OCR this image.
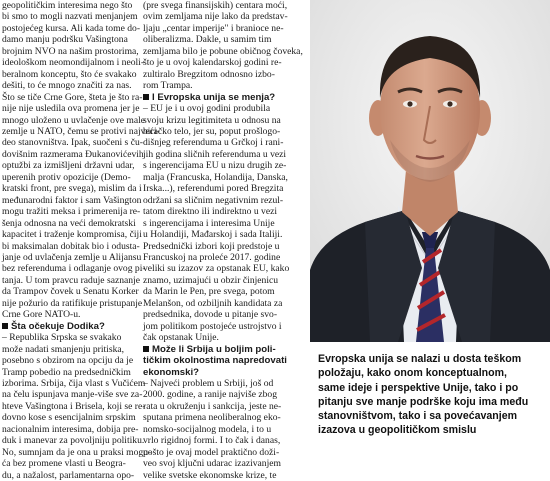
geopolitičkim interesima nego što
bi smo to mogli nazvati menjanjem
postojećeg kursa. Ali kada tome do-
damo manju podršku Vašingtona
brojnim NVO na našim prostorima,
ideološkom neomondijalnom i neoli-
beralnom konceptu, što će svakako
dešiti, to će mnogo značiti za nas.
Što se tiče Crne Gore, šteta je što ra-
nije nije usledila ova promena jer je
mnogo uloženo u uvlačenje ove male
zemlje u NATO, čemu se protivi najveći-
deo stanovništva. Ipak, suočeni s ču-
dovišnim razmerama Đukanovićevih
optužbi za izmišljeni državni udar,
uperenih protiv opozicije (Demo-
kratski front, pre svega), mislim da i
međunarodni faktor i sam Vašington
mogu tražiti meksa i primerenija re-
šenja odnosna na veći demokratski
kapacitet i traženje kompromisa, čiji
bi maksimalan dobitak bio i odusta-
janje od uvlačenja zemlje u Alijansu
bez referenduma i odlaganje ovog pi-
tanja. U tom pravcu raduje saznanje
da Trampov čovek u Senatu Korker
nije požurio da ratifikuje pristupanje
Crne Gore NATO-u.
Šta očekuje Dodika?
– Republika Srpska se svakako
može nadati smanjenju pritiska,
posebno s obzirom na opciju da je
Tramp pobedio na predsedničkim
izborima. Srbija, čija vlast s Vučićem
na čelu ispunjava manje-više sve za-
hteve Vašingtona i Brisela, koji se re-
dovno kose s esencijalnim srpskim
nacionalnim interesima, dobija pre-
duk i manevar za povoljniju politiku.
No, sumnjam da je ona u praksi mogu-
ća bez promene vlasti u Beogra-
du, a nažalost, parlamentarna opo-
(pre svega finansijskih) centara moći,
ovim zemljama nije lako da predstav-
ljaju „centar imperije" i branioce ne-
oliberalizma. Dakle, u samim tim
zemljama bilo je pobune običnog čoveka,
što je u ovoj kalendarskoj godini re-
zultiralo Bregzitom odnosno izbo-
rom Trampa.
I Evropska unija se menja?
– EU je i u ovoj godini produbila
svoju krizu legitimiteta u odnosu na
biračko telo, jer su, poput prošlogo-
dišnjeg referenduma u Grčkoj i rani-
jih godina sličnih referenduma u vezi
s ingerencijama EU u nizu drugih ze-
malja (Francuska, Holandija, Danska,
Irska...), referendumi pored Bregzita
održani sa sličnim negativnim rezul-
tatom direktno ili indirektno u vezi
s ingerencijama i interesima Unije
u Holandiji, Mađarskoj i sada Italiji.
Predsednički izbori koji predstoje u
Francuskoj na proleće 2017. godine
veliki su izazov za opstanak EU, kako
znamo, uzimajući u obzir činjenicu
da Marin le Pen, pre svega, potom
Melanšon, od ozbiljnih kandidata za
predsednika, dovode u pitanje svo-
jom politikom postojeće ustrojstvo i
čak opstanak Unije.
Može li Srbija u boljim poli-
tičkim okolnostima napredovati
ekonomski?
– Najveći problem u Srbiji, još od
2000. godine, a ranije najviše zbog
rata u okruženju i sankcija, jeste ne-
sputana primena neoliberalnog eko-
nomsko-socijalnog modela, i to u
vrlo rigidnoj formi. I to čak i danas,
pošto je ovaj model praktično doži-
veo svoj ključni udarac izazivanjem
velike svetske ekonomske krize, te
Evropska unija se nalazi u dosta teškom
položaju, kako onom konceptualnom,
same ideje i perspektive Unije, tako i po
pitanju sve manje podrške koju ima među
stanovništvom, tako i sa povećavanjem
izazova u geopolitičkom smislu
